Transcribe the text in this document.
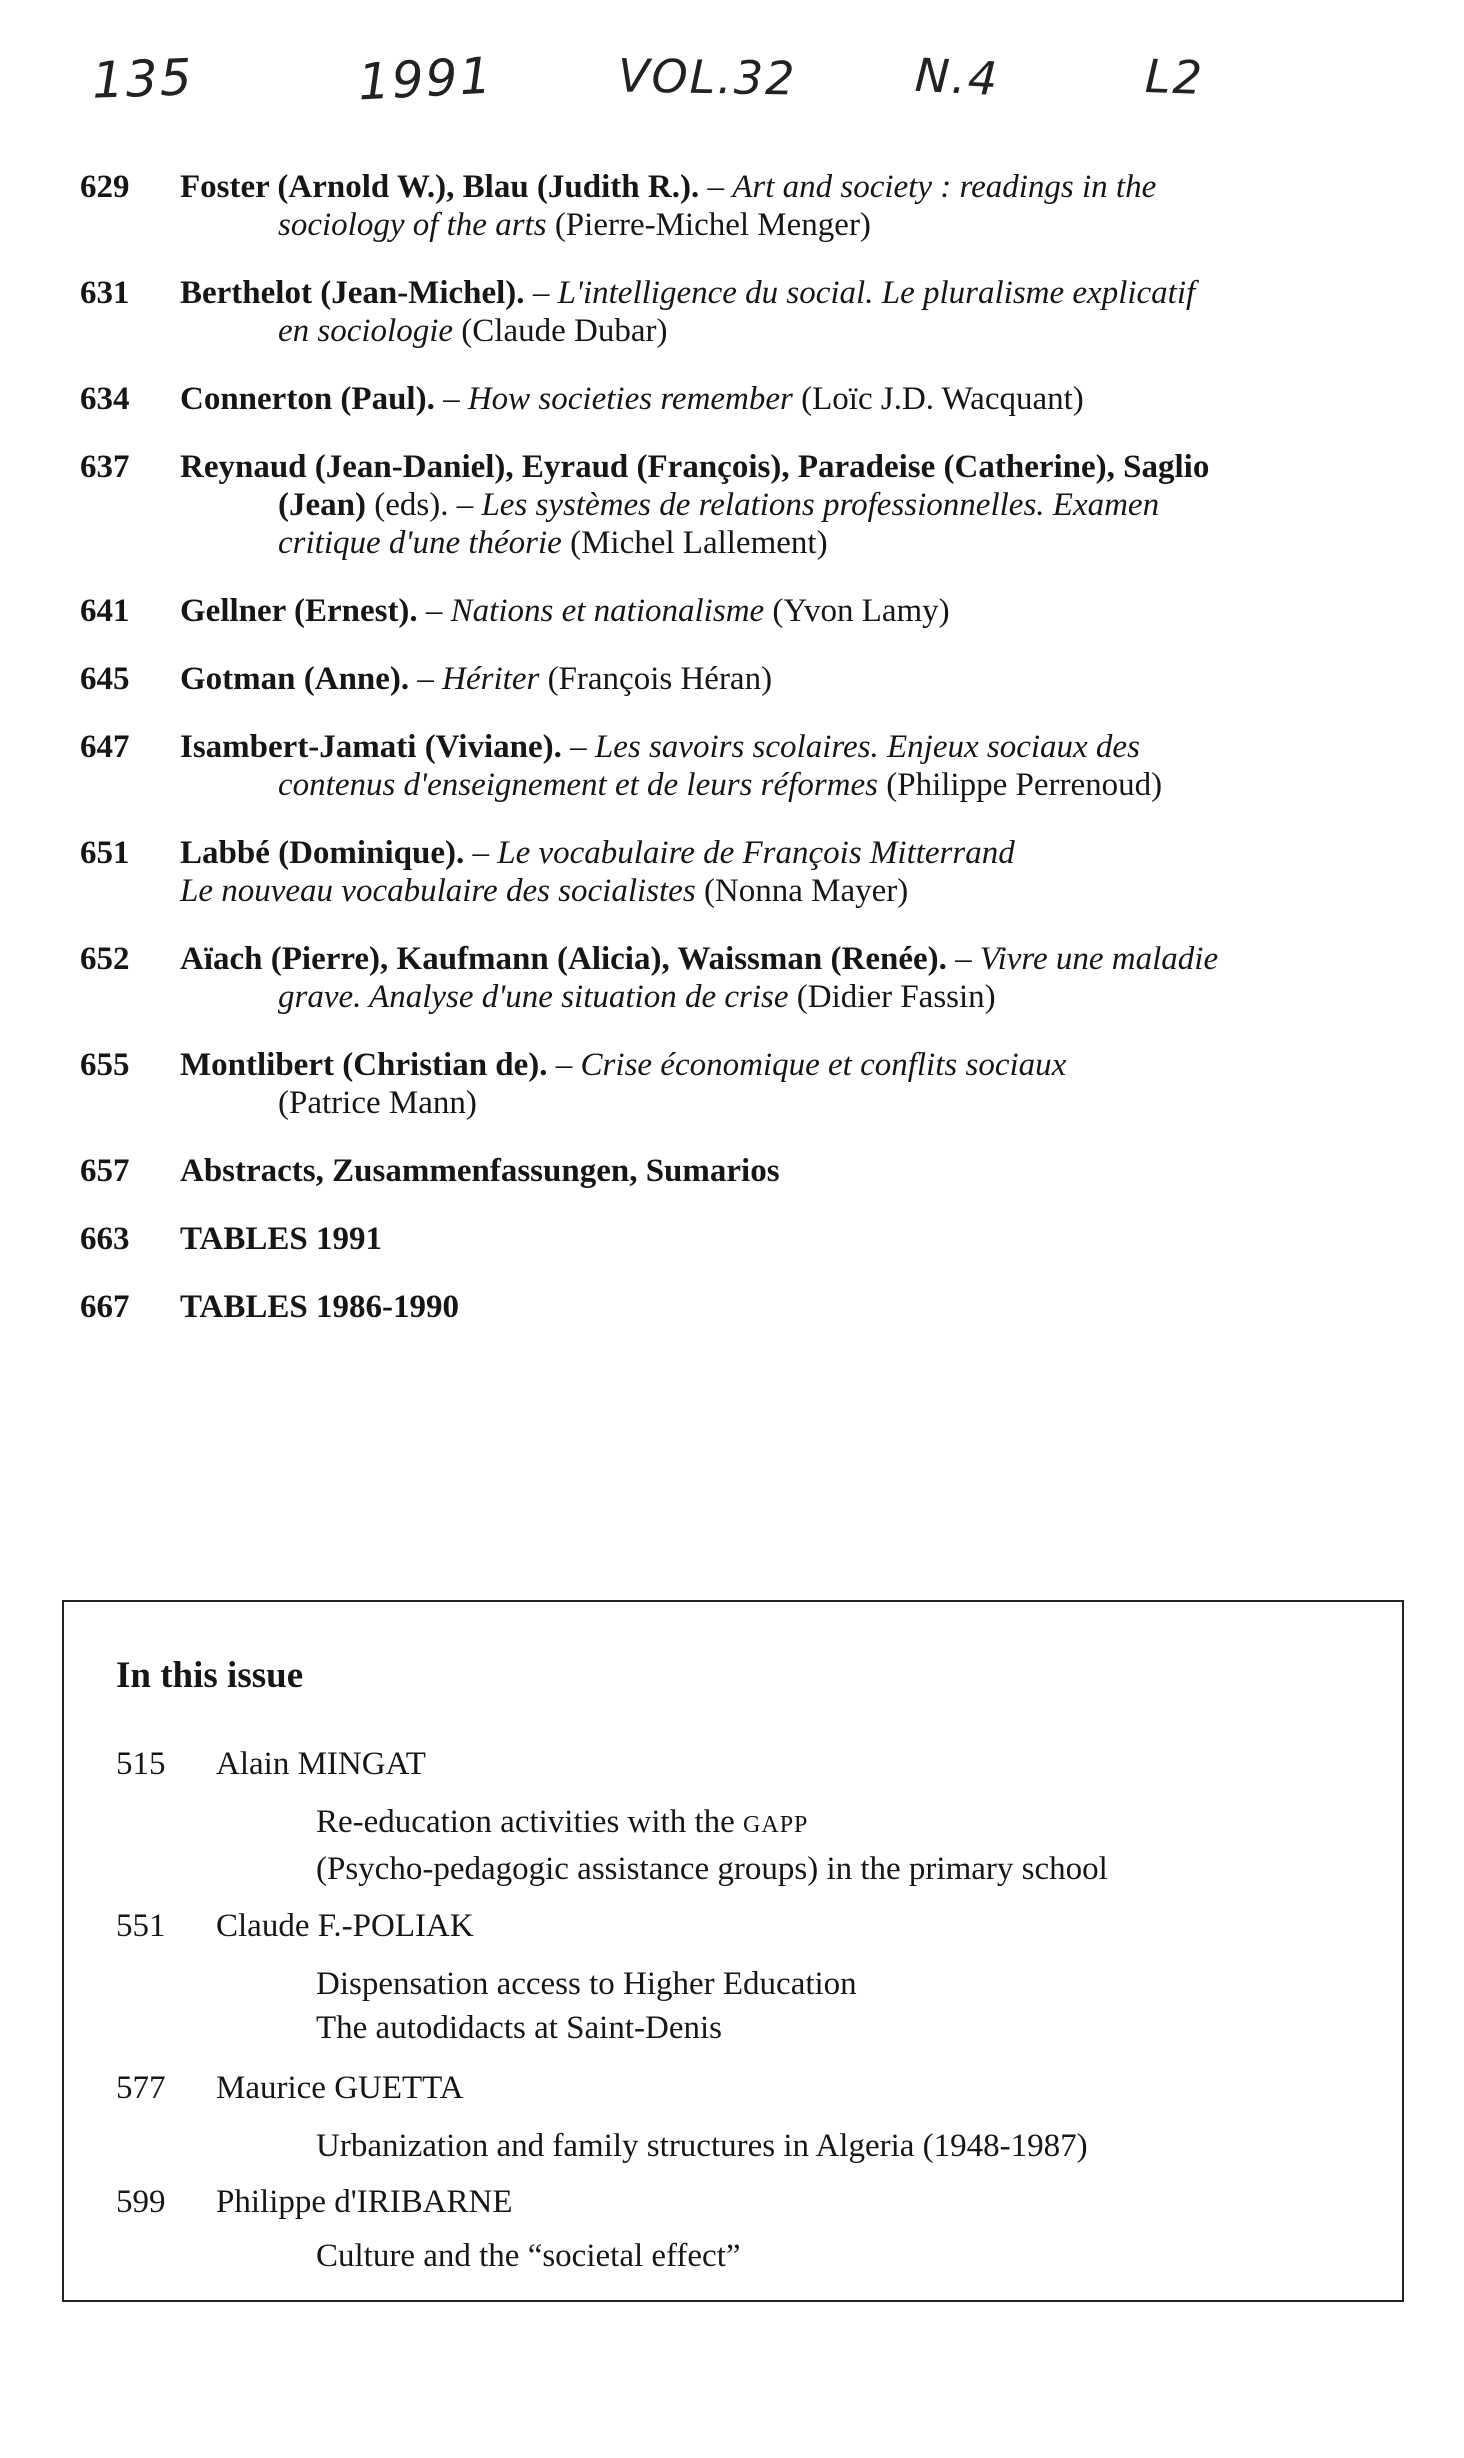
135	1991	VOL.32	N.4	L2
629 Foster (Arnold W.), Blau (Judith R.). – Art and society : readings in the
sociology of the arts (Pierre-Michel Menger)
631 Berthelot (Jean-Michel). – L'intelligence du social. Le pluralisme explicatif
en sociologie (Claude Dubar)
634 Connerton (Paul). – How societies remember (Loïc J.D. Wacquant)
637 Reynaud (Jean-Daniel), Eyraud (François), Paradeise (Catherine), Saglio
(Jean) (eds). – Les systèmes de relations professionnelles. Examen
critique d'une théorie (Michel Lallement)
641 Gellner (Ernest). – Nations et nationalisme (Yvon Lamy)
645 Gotman (Anne). – Hériter (François Héran)
647 Isambert-Jamati (Viviane). – Les savoirs scolaires. Enjeux sociaux des
contenus d'enseignement et de leurs réformes (Philippe Perrenoud)
651 Labbé (Dominique). – Le vocabulaire de François Mitterrand
Le nouveau vocabulaire des socialistes (Nonna Mayer)
652 Aïach (Pierre), Kaufmann (Alicia), Waissman (Renée). – Vivre une maladie
grave. Analyse d'une situation de crise (Didier Fassin)
655 Montlibert (Christian de). – Crise économique et conflits sociaux
(Patrice Mann)
657 Abstracts, Zusammenfassungen, Sumarios
663 TABLES 1991
667 TABLES 1986-1990
In this issue
515 Alain MINGAT
Re-education activities with the GAPP
(Psycho-pedagogic assistance groups) in the primary school
551 Claude F.-POLIAK
Dispensation access to Higher Education
The autodidacts at Saint-Denis
577 Maurice GUETTA
Urbanization and family structures in Algeria (1948-1987)
599 Philippe d'IRIBARNE
Culture and the “societal effect”
